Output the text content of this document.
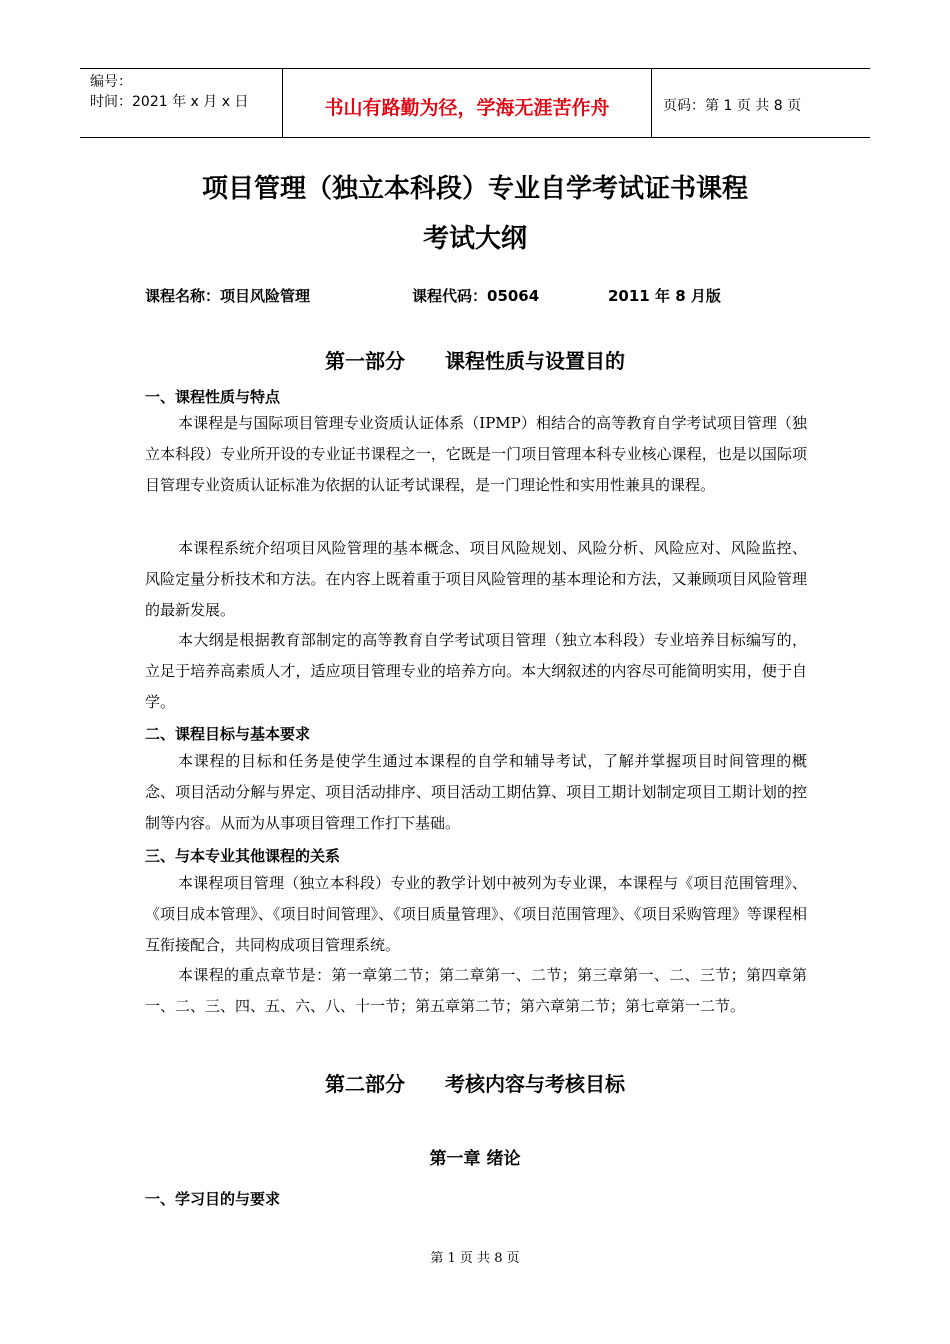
编号：
时间：2021 年 x 月 x 日	书山有路勤为径，学海无涯苦作舟	页码：第 1 页 共 8 页
项目管理（独立本科段）专业自学考试证书课程
考试大纲
课程名称：项目风险管理	课程代码：05064	2011 年 8 月版
第一部分 课程性质与设置目的
一、课程性质与特点

本课程是与国际项目管理专业资质认证体系（IPMP）相结合的高等教育自学考试项目管理（独立本科段）专业所开设的专业证书课程之一，它既是一门项目管理本科专业核心课程，也是以国际项目管理专业资质认证标准为依据的认证考试课程，是一门理论性和实用性兼具的课程。

本课程系统介绍项目风险管理的基本概念、项目风险规划、风险分析、风险应对、风险监控、风险定量分析技术和方法。在内容上既着重于项目风险管理的基本理论和方法，又兼顾项目风险管理的最新发展。

本大纲是根据教育部制定的高等教育自学考试项目管理（独立本科段）专业培养目标编写的，立足于培养高素质人才，适应项目管理专业的培养方向。本大纲叙述的内容尽可能简明实用，便于自学。

二、课程目标与基本要求

本课程的目标和任务是使学生通过本课程的自学和辅导考试，了解并掌握项目时间管理的概念、项目活动分解与界定、项目活动排序、项目活动工期估算、项目工期计划制定项目工期计划的控制等内容。从而为从事项目管理工作打下基础。

三、与本专业其他课程的关系

本课程项目管理（独立本科段）专业的教学计划中被列为专业课，本课程与《项目范围管理》、《项目成本管理》、《项目时间管理》、《项目质量管理》、《项目范围管理》、《项目采购管理》等课程相互衔接配合，共同构成项目管理系统。

本课程的重点章节是：第一章第二节；第二章第一、二节；第三章第一、二、三节；第四章第一、二、三、四、五、六、八、十一节；第五章第二节；第六章第二节；第七章第一二节。

第二部分 考核内容与考核目标
第一章 绪论
一、学习目的与要求
第 1 页 共 8 页
